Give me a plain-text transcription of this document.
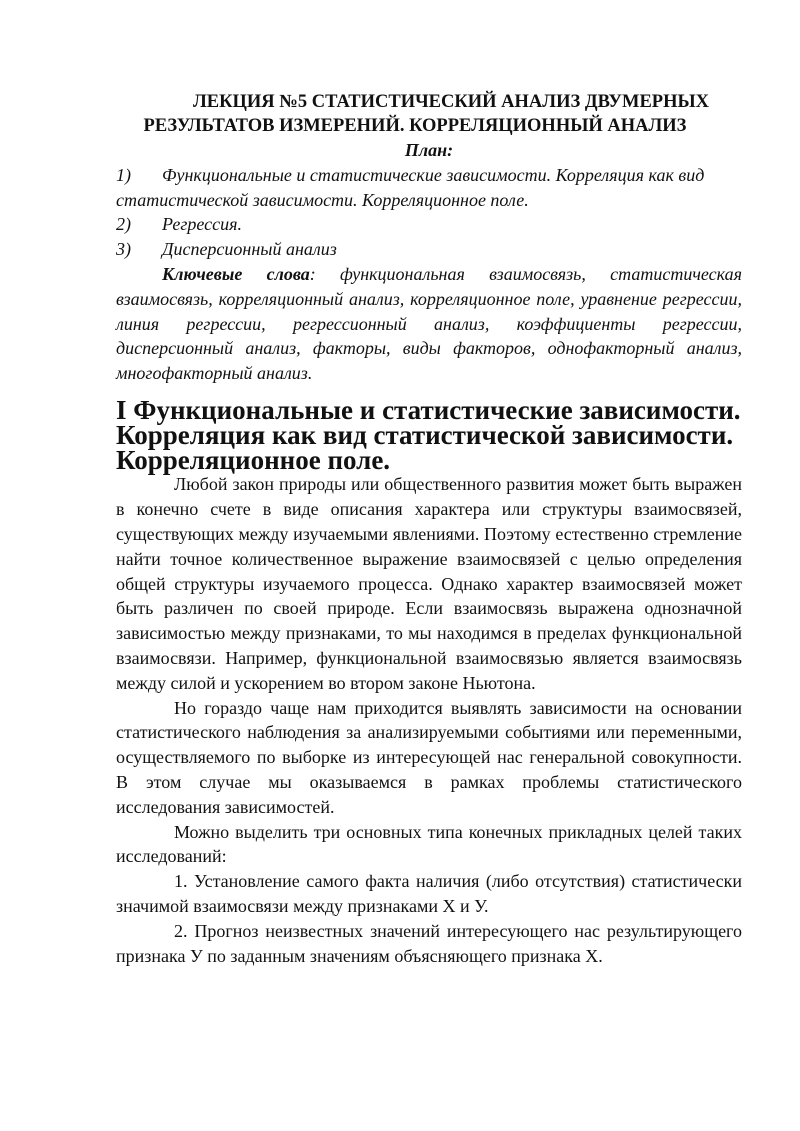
ЛЕКЦИЯ №5 СТАТИСТИЧЕСКИЙ АНАЛИЗ ДВУМЕРНЫХ
РЕЗУЛЬТАТОВ ИЗМЕРЕНИЙ. КОРРЕЛЯЦИОННЫЙ АНАЛИЗ

План:

1) Функциональные и статистические зависимости. Корреляция как вид
статистической зависимости. Корреляционное поле.

2) Регрессия.

3) Дисперсионный анализ

Ключевые слова: функциональная взаимосвязь, статистическая взаимосвязь, корреляционный анализ, корреляционное поле, уравнение регрессии, линия регрессии, регрессионный анализ, коэффициенты регрессии, дисперсионный анализ, факторы, виды факторов, однофакторный анализ, многофакторный анализ.

I Функциональные и статистические зависимости. Корреляция как вид статистической зависимости. Корреляционное поле.

Любой закон природы или общественного развития может быть выражен в конечно счете в виде описания характера или структуры взаимосвязей, существующих между изучаемыми явлениями. Поэтому естественно стремление найти точное количественное выражение взаимосвязей с целью определения общей структуры изучаемого процесса. Однако характер взаимосвязей может быть различен по своей природе. Если взаимосвязь выражена однозначной зависимостью между признаками, то мы находимся в пределах функциональной взаимосвязи. Например, функциональной взаимосвязью является взаимосвязь между силой и ускорением во втором законе Ньютона.

Но гораздо чаще нам приходится выявлять зависимости на основании статистического наблюдения за анализируемыми событиями или переменными, осуществляемого по выборке из интересующей нас генеральной совокупности. В этом случае мы оказываемся в рамках проблемы статистического исследования зависимостей.

Можно выделить три основных типа конечных прикладных целей таких исследований:

1. Установление самого факта наличия (либо отсутствия) статистически значимой взаимосвязи между признаками Х и У.

2. Прогноз неизвестных значений интересующего нас результирующего признака У по заданным значениям объясняющего признака Х.
